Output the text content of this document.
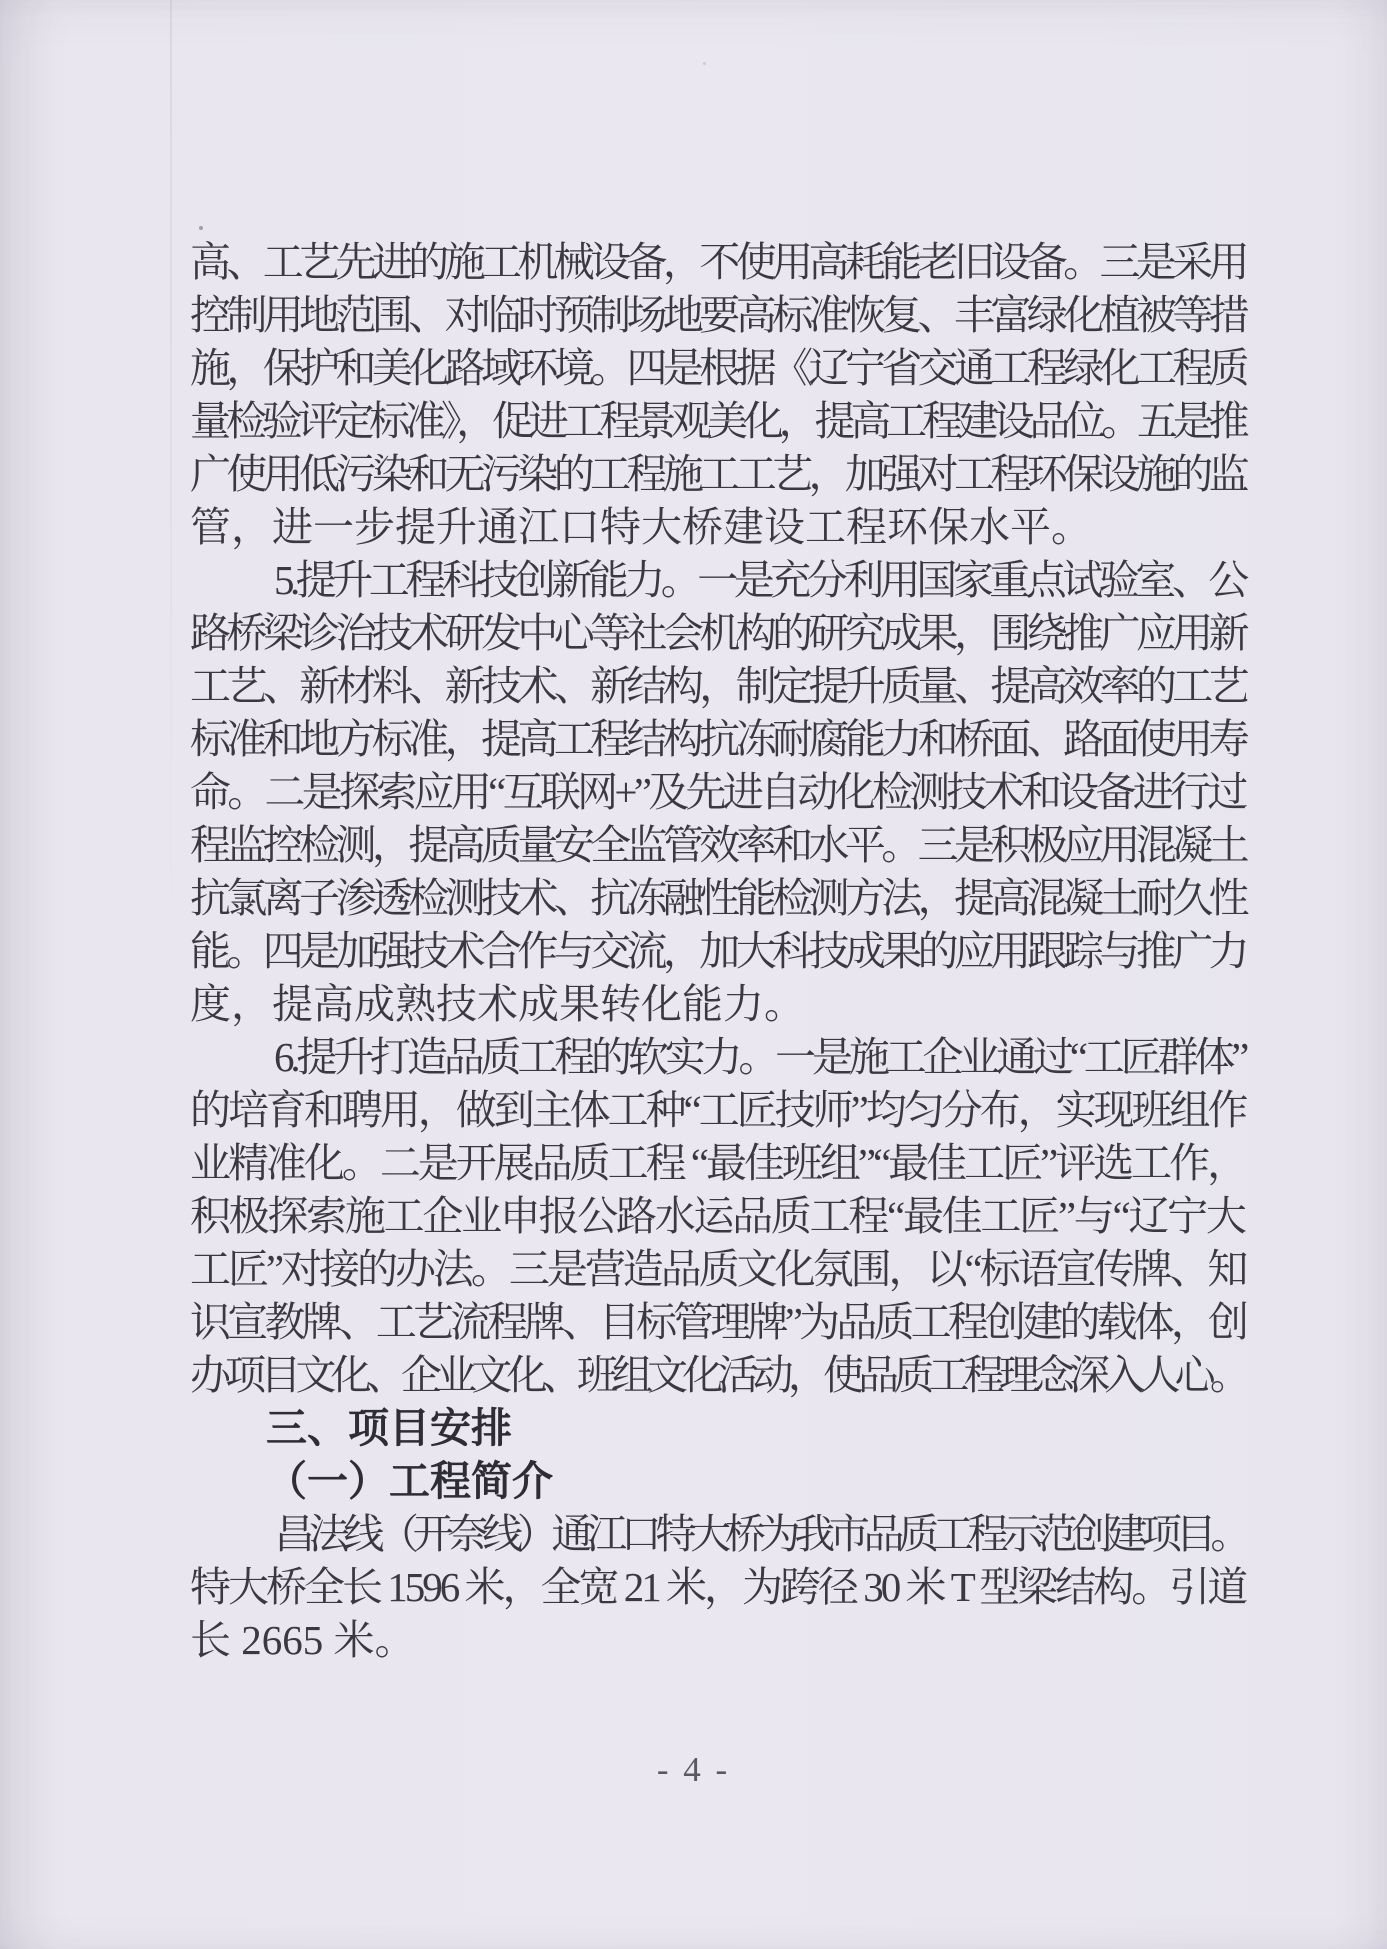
高、工艺先进的施工机械设备，不使用高耗能老旧设备。三是采用
控制用地范围、对临时预制场地要高标准恢复、丰富绿化植被等措
施，保护和美化路域环境。四是根据《辽宁省交通工程绿化工程质
量检验评定标准》，促进工程景观美化，提高工程建设品位。五是推
广使用低污染和无污染的工程施工工艺，加强对工程环保设施的监
管，进一步提升通江口特大桥建设工程环保水平。
5.提升工程科技创新能力。一是充分利用国家重点试验室、公
路桥梁诊治技术研发中心等社会机构的研究成果，围绕推广应用新
工艺、新材料、新技术、新结构，制定提升质量、提高效率的工艺
标准和地方标准，提高工程结构抗冻耐腐能力和桥面、路面使用寿
命。二是探索应用“互联网+”及先进自动化检测技术和设备进行过
程监控检测，提高质量安全监管效率和水平。三是积极应用混凝土
抗氯离子渗透检测技术、抗冻融性能检测方法，提高混凝土耐久性
能。四是加强技术合作与交流，加大科技成果的应用跟踪与推广力
度，提高成熟技术成果转化能力。
6.提升打造品质工程的软实力。一是施工企业通过“工匠群体”
的培育和聘用，做到主体工种“工匠技师”均匀分布，实现班组作
业精准化。二是开展品质工程 “最佳班组”“最佳工匠”评选工作，
积极探索施工企业申报公路水运品质工程“最佳工匠”与“辽宁大
工匠”对接的办法。三是营造品质文化氛围，以“标语宣传牌、知
识宣教牌、工艺流程牌、目标管理牌”为品质工程创建的载体，创
办项目文化、企业文化、班组文化活动，使品质工程理念深入人心。
三、项目安排
（一）工程简介
昌法线（开奈线）通江口特大桥为我市品质工程示范创建项目。
特大桥全长 1596 米，全宽 21 米，为跨径 30 米 T 型梁结构。引道
长 2665 米。
- 4 -
